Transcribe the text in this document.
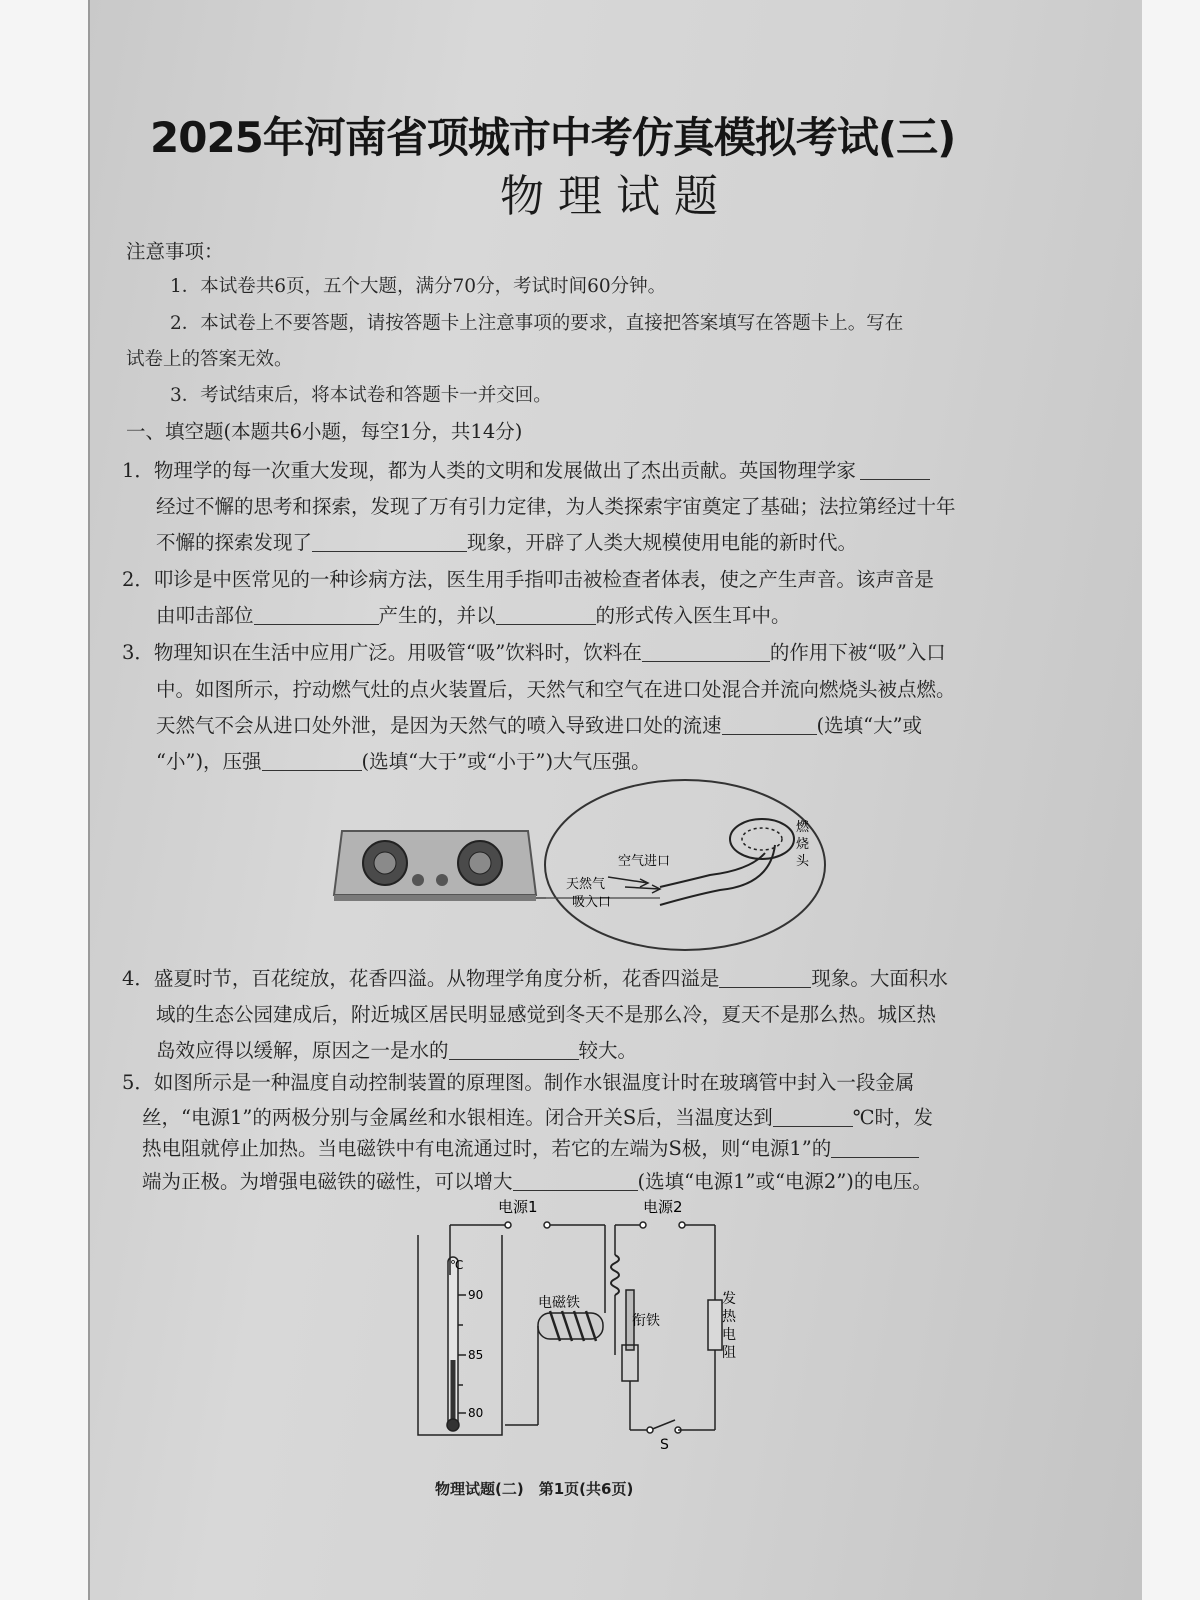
2025年河南省项城市中考仿真模拟考试(三)
物理试题
注意事项：
1．本试卷共6页，五个大题，满分70分，考试时间60分钟。
2．本试卷上不要答题，请按答题卡上注意事项的要求，直接把答案填写在答题卡上。写在
试卷上的答案无效。
3．考试结束后，将本试卷和答题卡一并交回。
一、填空题(本题共6小题，每空1分，共14分)
1．物理学的每一次重大发现，都为人类的文明和发展做出了杰出贡献。英国物理学家
经过不懈的思考和探索，发现了万有引力定律，为人类探索宇宙奠定了基础；法拉第经过十年
不懈的探索发现了	现象，开辟了人类大规模使用电能的新时代。
2．叩诊是中医常见的一种诊病方法，医生用手指叩击被检查者体表，使之产生声音。该声音是
由叩击部位	产生的，并以	的形式传入医生耳中。
3．物理知识在生活中应用广泛。用吸管“吸”饮料时，饮料在	的作用下被“吸”入口
中。如图所示，拧动燃气灶的点火装置后，天然气和空气在进口处混合并流向燃烧头被点燃。
天然气不会从进口处外泄，是因为天然气的喷入导致进口处的流速	(选填“大”或
“小”)，压强	(选填“大于”或“小于”)大气压强。
空气进口
天然气
吸入口
燃
烧
头
4．盛夏时节，百花绽放，花香四溢。从物理学角度分析，花香四溢是	现象。大面积水
域的生态公园建成后，附近城区居民明显感觉到冬天不是那么冷，夏天不是那么热。城区热
岛效应得以缓解，原因之一是水的	较大。
5．如图所示是一种温度自动控制装置的原理图。制作水银温度计时在玻璃管中封入一段金属
丝，“电源1”的两极分别与金属丝和水银相连。闭合开关S后，当温度达到	℃时，发
热电阻就停止加热。当电磁铁中有电流通过时，若它的左端为S极，则“电源1”的
端为正极。为增强电磁铁的磁性，可以增大	(选填“电源1”或“电源2”)的电压。
电源1	电源2
℃
90
85
80
电磁铁
衔铁
发
热
电
阻
S
物理试题(二)　第1页(共6页)
